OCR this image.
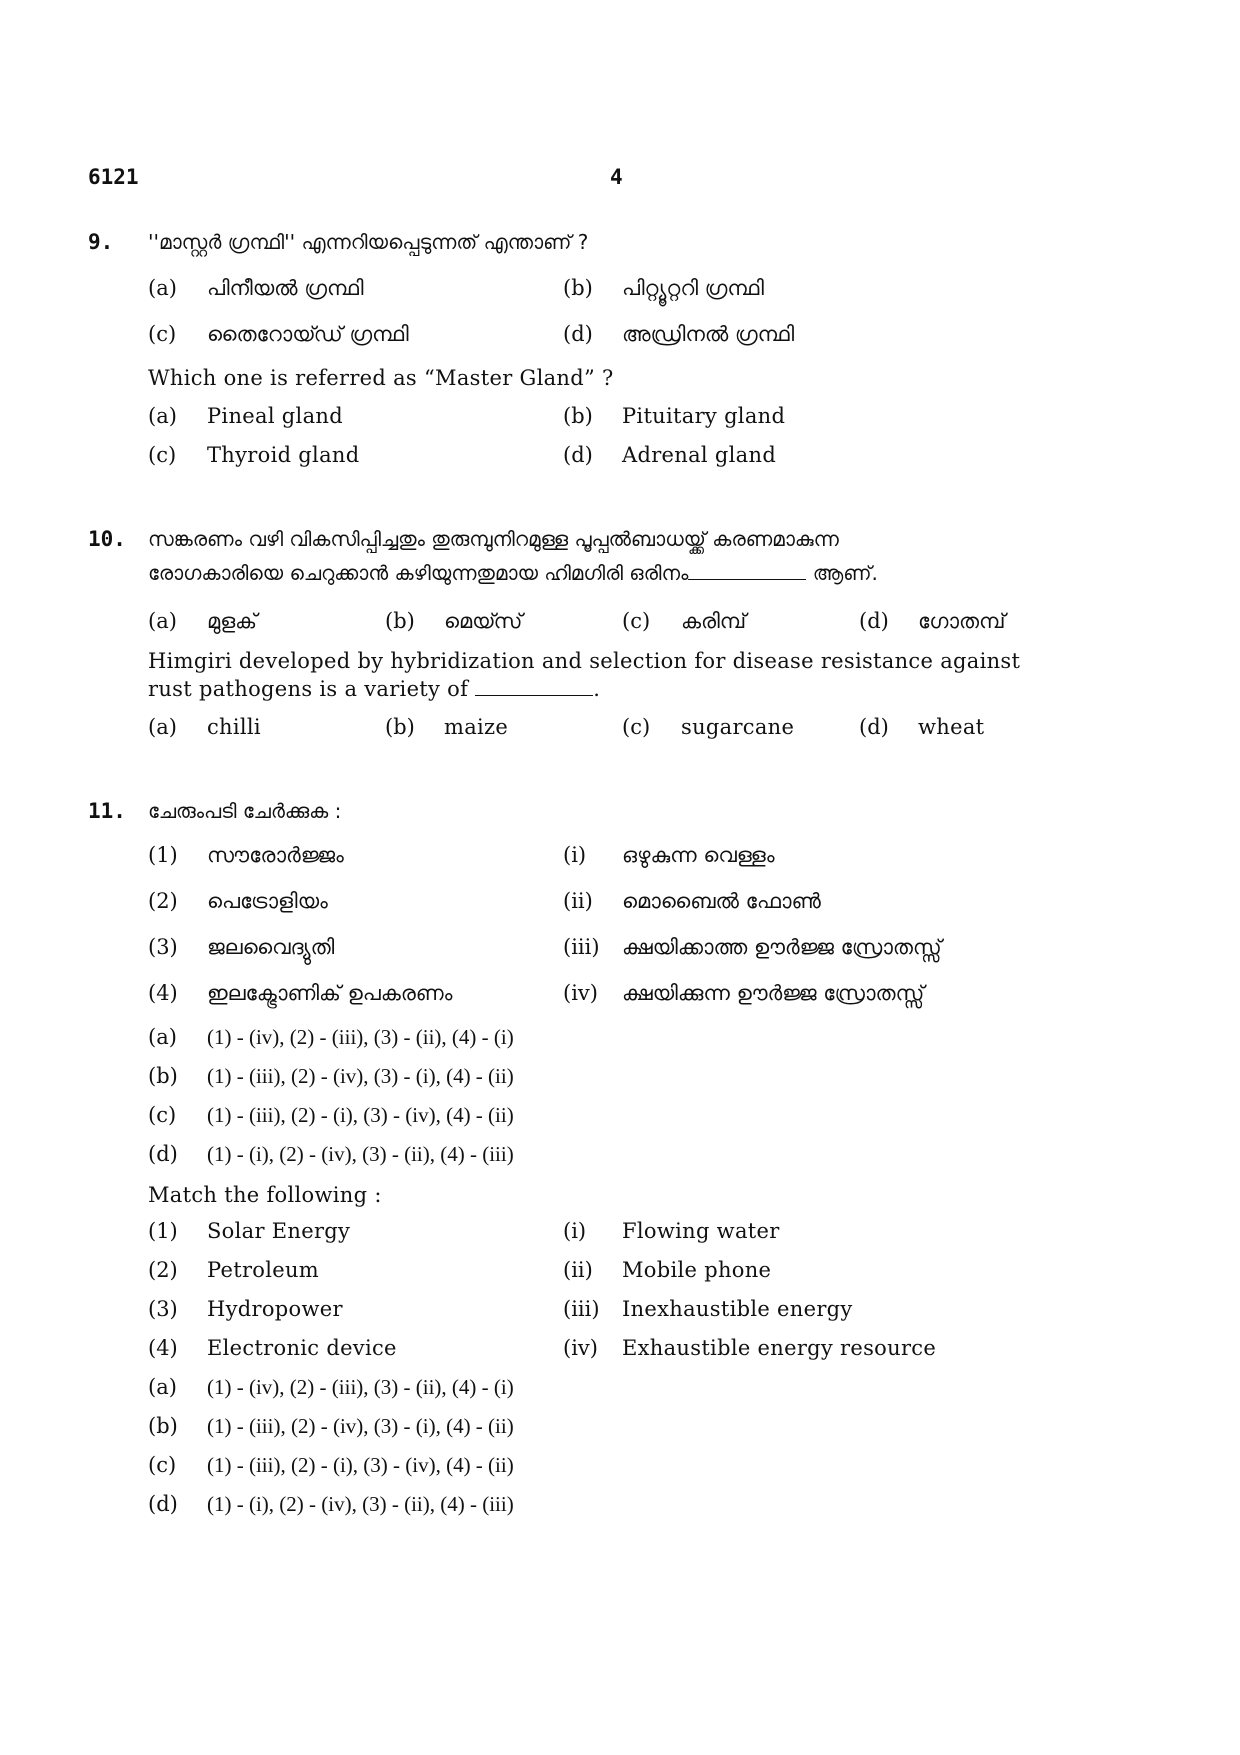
6121	4
9. ''മാസ്റ്റർ ഗ്രന്ഥി'' എന്നറിയപ്പെടുന്നത് എന്താണ് ?
(a) പിനീയൽ ഗ്രന്ഥി	(b) പിറ്റ്യൂറ്ററി ഗ്രന്ഥി
(c) തൈറോയ്ഡ് ഗ്രന്ഥി	(d) അഡ്രിനൽ ഗ്രന്ഥി
Which one is referred as “Master Gland” ?
(a) Pineal gland	(b) Pituitary gland
(c) Thyroid gland	(d) Adrenal gland
10. സങ്കരണം വഴി വികസിപ്പിച്ചതും തുരുമ്പുനിറമുള്ള പൂപ്പൽബാധയ്ക്ക് കരണമാകുന്ന
രോഗകാരിയെ ചെറുക്കാൻ കഴിയുന്നതുമായ ഹിമഗിരി ഒരിനം	ആണ്.
(a) മുളക്	(b) മെയ്സ്	(c) കരിമ്പ്	(d) ഗോതമ്പ്
Himgiri developed by hybridization and selection for disease resistance against
rust pathogens is a variety of	.
(a) chilli	(b) maize	(c) sugarcane	(d) wheat
11. ചേരുംപടി ചേർക്കുക :
(1) സൗരോർജ്ജം	(i) ഒഴുകുന്ന വെള്ളം
(2) പെട്രോളിയം	(ii) മൊബൈൽ ഫോൺ
(3) ജലവൈദ്യുതി	(iii) ക്ഷയിക്കാത്ത ഊർജ്ജ സ്രോതസ്സ്
(4) ഇലക്ട്രോണിക് ഉപകരണം	(iv) ക്ഷയിക്കുന്ന ഊർജ്ജ സ്രോതസ്സ്
(a) (1) - (iv), (2) - (iii), (3) - (ii), (4) - (i)
(b) (1) - (iii), (2) - (iv), (3) - (i), (4) - (ii)
(c) (1) - (iii), (2) - (i), (3) - (iv), (4) - (ii)
(d) (1) - (i), (2) - (iv), (3) - (ii), (4) - (iii)
Match the following :
(1) Solar Energy	(i) Flowing water
(2) Petroleum	(ii) Mobile phone
(3) Hydropower	(iii) Inexhaustible energy
(4) Electronic device	(iv) Exhaustible energy resource
(a) (1) - (iv), (2) - (iii), (3) - (ii), (4) - (i)
(b) (1) - (iii), (2) - (iv), (3) - (i), (4) - (ii)
(c) (1) - (iii), (2) - (i), (3) - (iv), (4) - (ii)
(d) (1) - (i), (2) - (iv), (3) - (ii), (4) - (iii)
